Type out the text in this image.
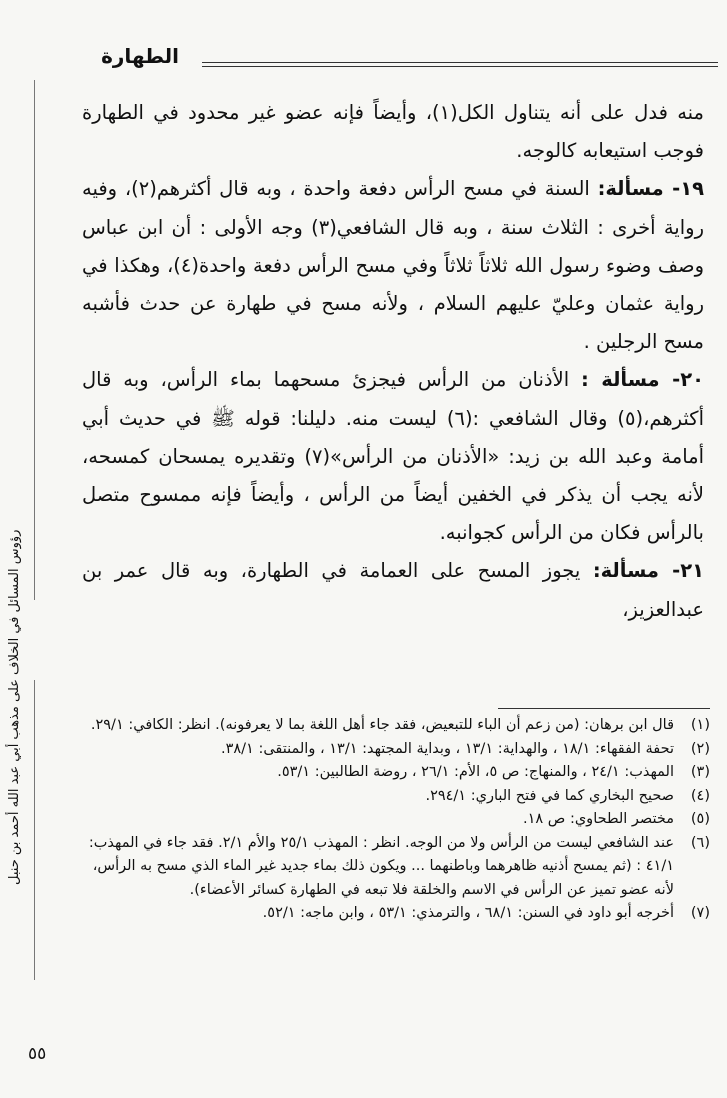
الطهارة
رؤوس المسائل في الخلاف على مذهب أبي عبد الله أحمد بن حنبل

منه فدل على أنه يتناول الكل(١)، وأيضاً فإنه عضو غير محدود في الطهارة فوجب استيعابه كالوجه.

١٩- مسألة: السنة في مسح الرأس دفعة واحدة ، وبه قال أكثرهم(٢)، وفيه رواية أخرى : الثلاث سنة ، وبه قال الشافعي(٣) وجه الأولى : أن ابن عباس وصف وضوء رسول الله ثلاثاً ثلاثاً وفي مسح الرأس دفعة واحدة(٤)، وهكذا في رواية عثمان وعليّ عليهم السلام ، ولأنه مسح في طهارة عن حدث فأشبه مسح الرجلين .

٢٠- مسألة : الأذنان من الرأس فيجزئ مسحهما بماء الرأس، وبه قال أكثرهم،(٥) وقال الشافعي :(٦) ليست منه. دليلنا: قوله ﷺ في حديث أبي أمامة وعبد الله بن زيد: «الأذنان من الرأس»(٧) وتقديره يمسحان كمسحه، لأنه يجب أن يذكر في الخفين أيضاً من الرأس ، وأيضاً فإنه ممسوح متصل بالرأس فكان من الرأس كجوانبه.

٢١- مسألة: يجوز المسح على العمامة في الطهارة، وبه قال عمر بن عبدالعزيز،

(١)
قال ابن برهان: (من زعم أن الباء للتبعيض، فقد جاء أهل اللغة بما لا يعرفونه). انظر: الكافي: ٢٩/١.
(٢)
تحفة الفقهاء: ١٨/١ ، والهداية: ١٣/١ ، وبداية المجتهد: ١٣/١ ، والمنتقى: ٣٨/١.
(٣)
المهذب: ٢٤/١ ، والمنهاج: ص ٥، الأم: ٢٦/١ ، روضة الطالبين: ٥٣/١.
(٤)
صحيح البخاري كما في فتح الباري: ٢٩٤/١.
(٥)
مختصر الطحاوي: ص ١٨.
(٦)
عند الشافعي ليست من الرأس ولا من الوجه. انظر : المهذب ٢٥/١ والأم ٢/١. فقد جاء في المهذب: ٤١/١ : (ثم يمسح أذنيه ظاهرهما وباطنهما ... ويكون ذلك بماء جديد غير الماء الذي مسح به الرأس، لأنه عضو تميز عن الرأس في الاسم والخلقة فلا تبعه في الطهارة كسائر الأعضاء).
(٧)
أخرجه أبو داود في السنن: ٦٨/١ ، والترمذي: ٥٣/١ ، وابن ماجه: ٥٢/١.
٥٥
